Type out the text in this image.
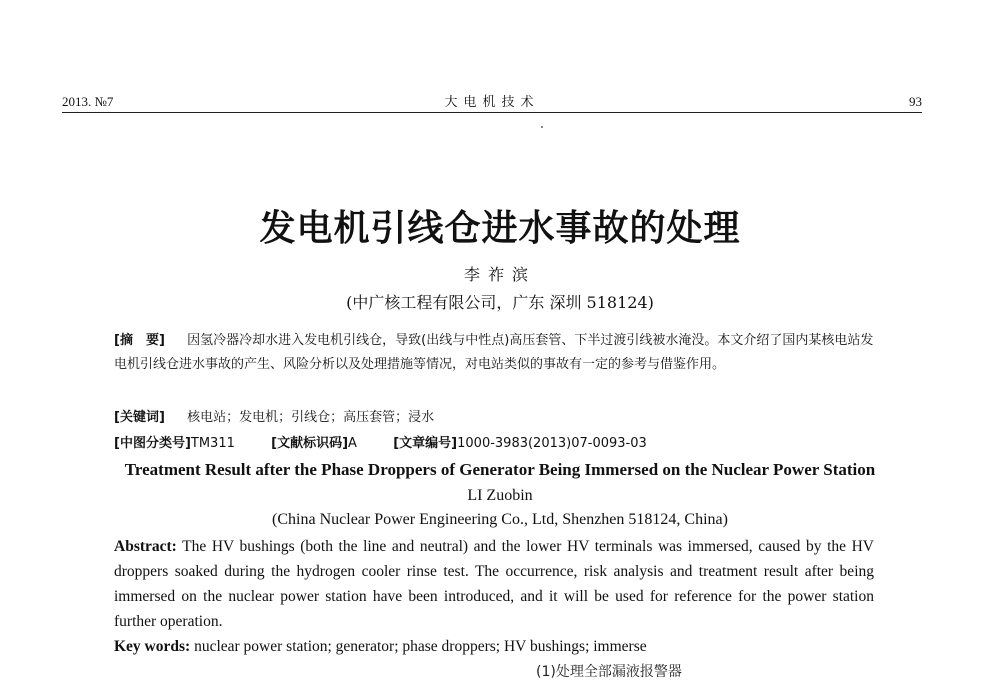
2013. №7	大电机技术	93
发电机引线仓进水事故的处理
李祚滨
(中广核工程有限公司，广东 深圳 518124)
[摘　要] 因氢冷器冷却水进入发电机引线仓，导致(出线与中性点)高压套管、下半过渡引线被水淹没。本文介绍了国内某核电站发电机引线仓进水事故的产生、风险分析以及处理措施等情况，对电站类似的事故有一定的参考与借鉴作用。
[关键词] 核电站；发电机；引线仓；高压套管；浸水
[中图分类号]TM311	[文献标识码]A	[文章编号]1000-3983(2013)07-0093-03
Treatment Result after the Phase Droppers of Generator Being Immersed on the Nuclear Power Station
LI Zuobin
(China Nuclear Power Engineering Co., Ltd, Shenzhen 518124, China)
Abstract: The HV bushings (both the line and neutral) and the lower HV terminals was immersed, caused by the HV droppers soaked during the hydrogen cooler rinse test. The occurrence, risk analysis and treatment result after being immersed on the nuclear power station have been introduced, and it will be used for reference for the power station further operation.
Key words: nuclear power station; generator; phase droppers; HV bushings; immerse
(1)处理全部漏液报警器
